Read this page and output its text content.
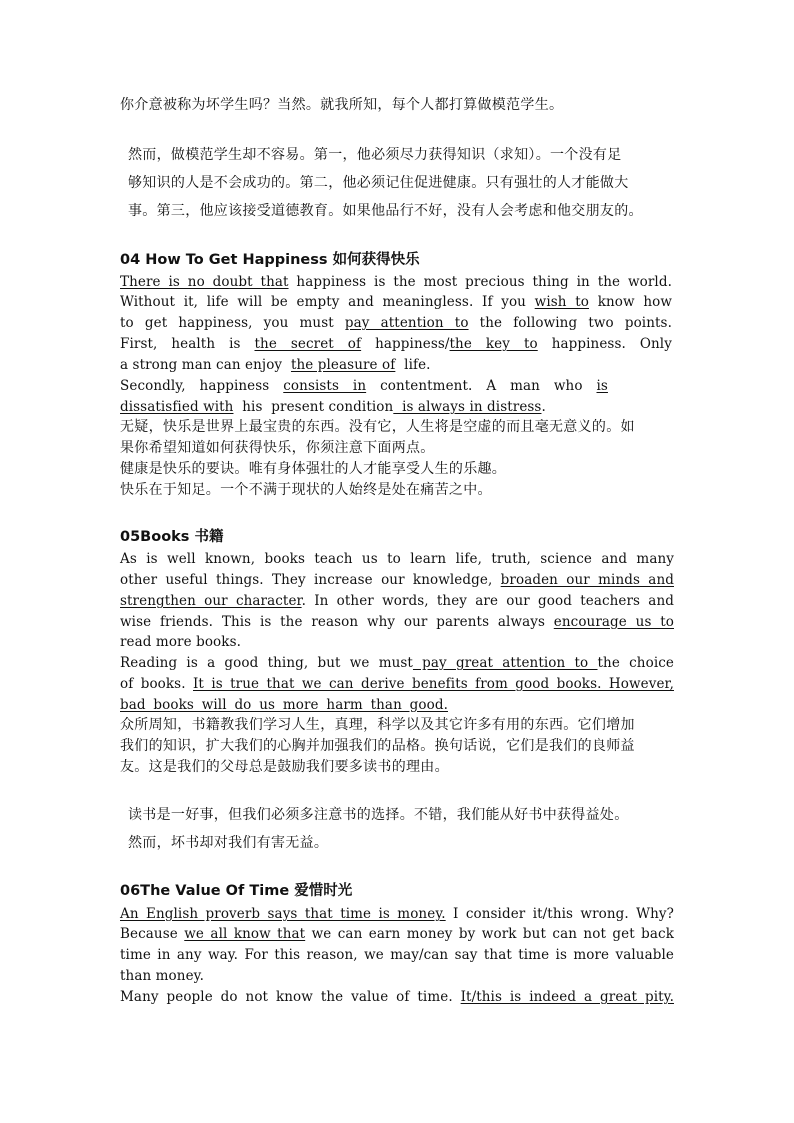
你介意被称为坏学生吗？当然。就我所知，每个人都打算做模范学生。
然而，做模范学生却不容易。第一，他必须尽力获得知识（求知）。一个没有足
够知识的人是不会成功的。第二，他必须记住促进健康。只有强壮的人才能做大
事。第三，他应该接受道德教育。如果他品行不好，没有人会考虑和他交朋友的。
04 How To Get Happiness 如何获得快乐
There is no doubt that happiness is the most precious thing in the world.
Without it, life will be empty and meaningless. If you wish to know how
to get happiness, you must pay attention to the following two points.
First, health is the secret of happiness/the key to happiness. Only
a strong man can enjoy the pleasure of life.
Secondly, happiness consists in contentment. A man who is
dissatisfied with his  present condition  is always in distress.
无疑，快乐是世界上最宝贵的东西。没有它，人生将是空虚的而且毫无意义的。如
果你希望知道如何获得快乐，你须注意下面两点。
健康是快乐的要诀。唯有身体强壮的人才能享受人生的乐趣。
快乐在于知足。一个不满于现状的人始终是处在痛苦之中。
05Books 书籍
As is well known, books teach us to learn life, truth, science and many
other useful things. They increase our knowledge, broaden our minds and
strengthen our character. In other words, they are our good teachers and
wise friends. This is the reason why our parents always encourage us to
read more books.
Reading is a good thing, but we must pay great attention to the choice
of books. It is true that we can derive benefits from good books. However,
bad books will do us more harm than good.
众所周知，书籍教我们学习人生，真理，科学以及其它许多有用的东西。它们增加
我们的知识，扩大我们的心胸并加强我们的品格。换句话说，它们是我们的良师益
友。这是我们的父母总是鼓励我们要多读书的理由。
读书是一好事，但我们必须多注意书的选择。不错，我们能从好书中获得益处。
然而，坏书却对我们有害无益。
06The Value Of Time 爱惜时光
An English proverb says that time is money. I consider it/this wrong. Why?
Because we all know that we can earn money by work but can not get back
time in any way. For this reason, we may/can say that time is more valuable
than money.
Many people do not know the value of time. It/this is indeed a great pity.
